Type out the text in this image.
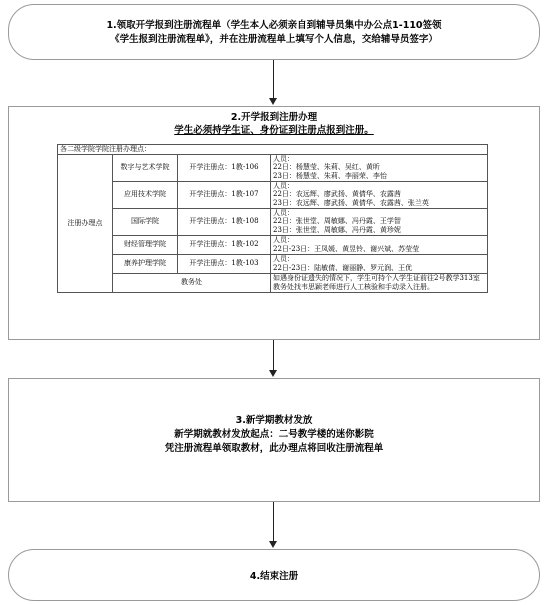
1.领取开学报到注册流程单（学生本人必须亲自到辅导员集中办公点1-110签领
《学生报到注册流程单》，并在注册流程单上填写个人信息，交给辅导员签字）
2.开学报到注册办理
学生必须持学生证、身份证到注册点报到注册。
各二级学院学院注册办理点：			
注册办理点	数字与艺术学院	开学注册点：1教-106	人员：
22日：杨慧莹、朱莉、吴红、黄昕
23日：杨慧莹、朱莉、李丽荣、李怡

	应用技术学院	开学注册点：1教-107	人员：
22日：农远辉、廖武扬、黄倩华、农露茜
23日：农远辉、廖武扬、黄倩华、农露茜、张兰英

	国际学院	开学注册点：1教-108	人员：
22日：张世堂、周敏娜、冯丹霞、王学智
23日：张世堂、周敏娜、冯丹霞、黄珍妮

	财经管理学院	开学注册点：1教-102	人员：
22日-23日：王凤媛、黄昱铃、谢兴斌、苏莹莹

	康养护理学院	开学注册点：1教-103	人员：
22日-23日：陆敏倩、谢丽静、罗元润、王优

	教务处		如遇身份证遗失的情况下，学生可持个人学生证前往2号教学313室教务处找韦思颖老师进行人工核验和手动录入注册。
3.新学期教材发放
新学期就教材发放起点：二号教学楼的迷你影院
凭注册流程单领取教材，此办理点将回收注册流程单
4.结束注册
